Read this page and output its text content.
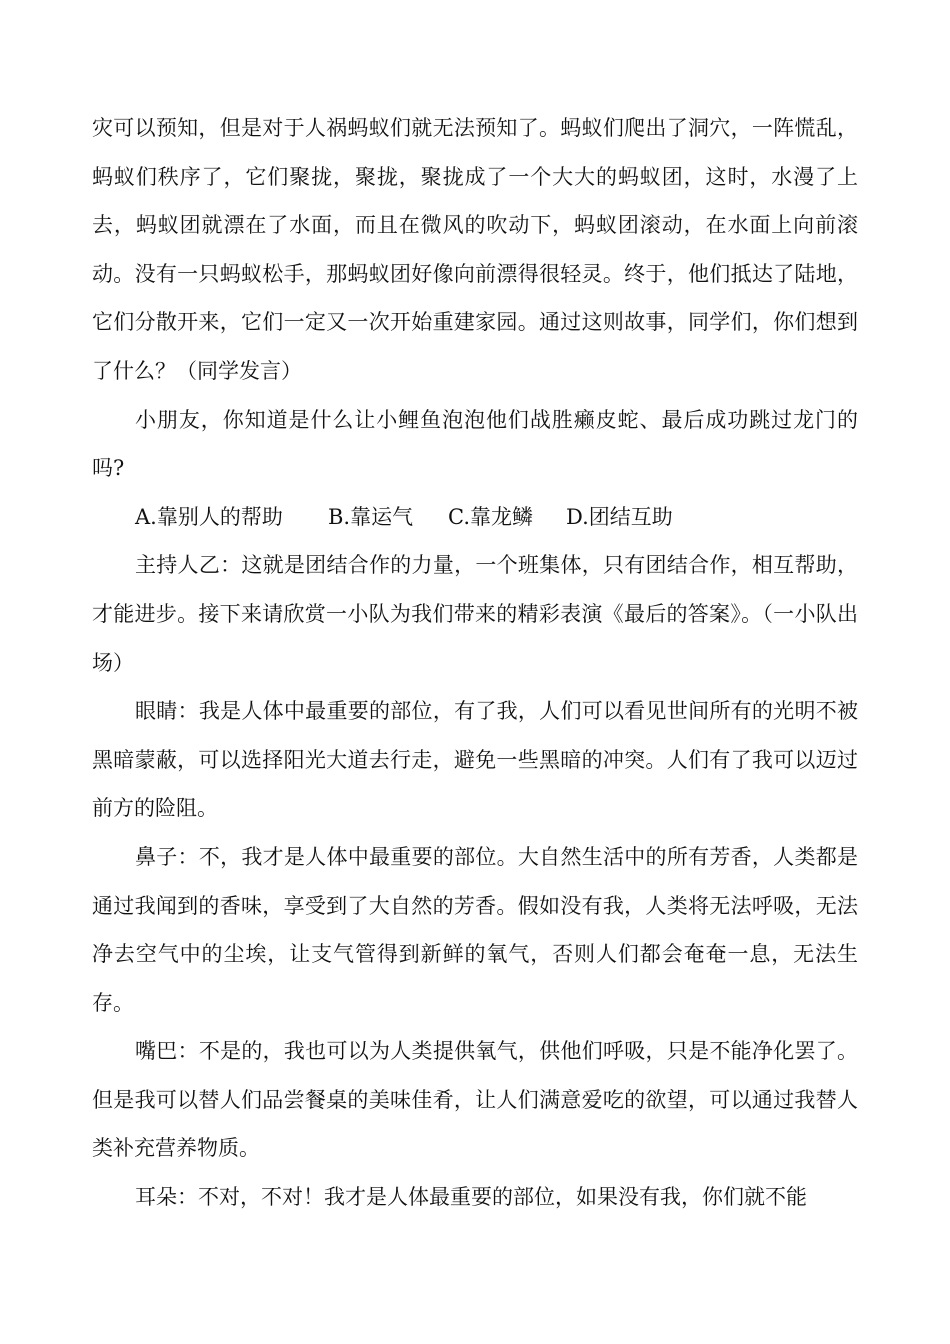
灾可以预知，但是对于人祸蚂蚁们就无法预知了。蚂蚁们爬出了洞穴，一阵慌乱，蚂蚁们秩序了，它们聚拢，聚拢，聚拢成了一个大大的蚂蚁团，这时，水漫了上去，蚂蚁团就漂在了水面，而且在微风的吹动下，蚂蚁团滚动，在水面上向前滚动。没有一只蚂蚁松手，那蚂蚁团好像向前漂得很轻灵。终于，他们抵达了陆地，它们分散开来，它们一定又一次开始重建家园。通过这则故事，同学们，你们想到了什么？（同学发言）

小朋友，你知道是什么让小鲤鱼泡泡他们战胜癞皮蛇、最后成功跳过龙门的吗?

A.靠别人的帮助 B.靠运气 C.靠龙鳞 D.团结互助

主持人乙：这就是团结合作的力量，一个班集体，只有团结合作，相互帮助，才能进步。接下来请欣赏一小队为我们带来的精彩表演《最后的答案》。（一小队出场）

眼睛：我是人体中最重要的部位，有了我，人们可以看见世间所有的光明不被黑暗蒙蔽，可以选择阳光大道去行走，避免一些黑暗的冲突。人们有了我可以迈过前方的险阻。

鼻子：不，我才是人体中最重要的部位。大自然生活中的所有芳香，人类都是通过我闻到的香味，享受到了大自然的芳香。假如没有我，人类将无法呼吸，无法净去空气中的尘埃，让支气管得到新鲜的氧气，否则人们都会奄奄一息，无法生存。

嘴巴：不是的，我也可以为人类提供氧气，供他们呼吸，只是不能净化罢了。但是我可以替人们品尝餐桌的美味佳肴，让人们满意爱吃的欲望，可以通过我替人类补充营养物质。

耳朵：不对，不对！我才是人体最重要的部位，如果没有我，你们就不能
